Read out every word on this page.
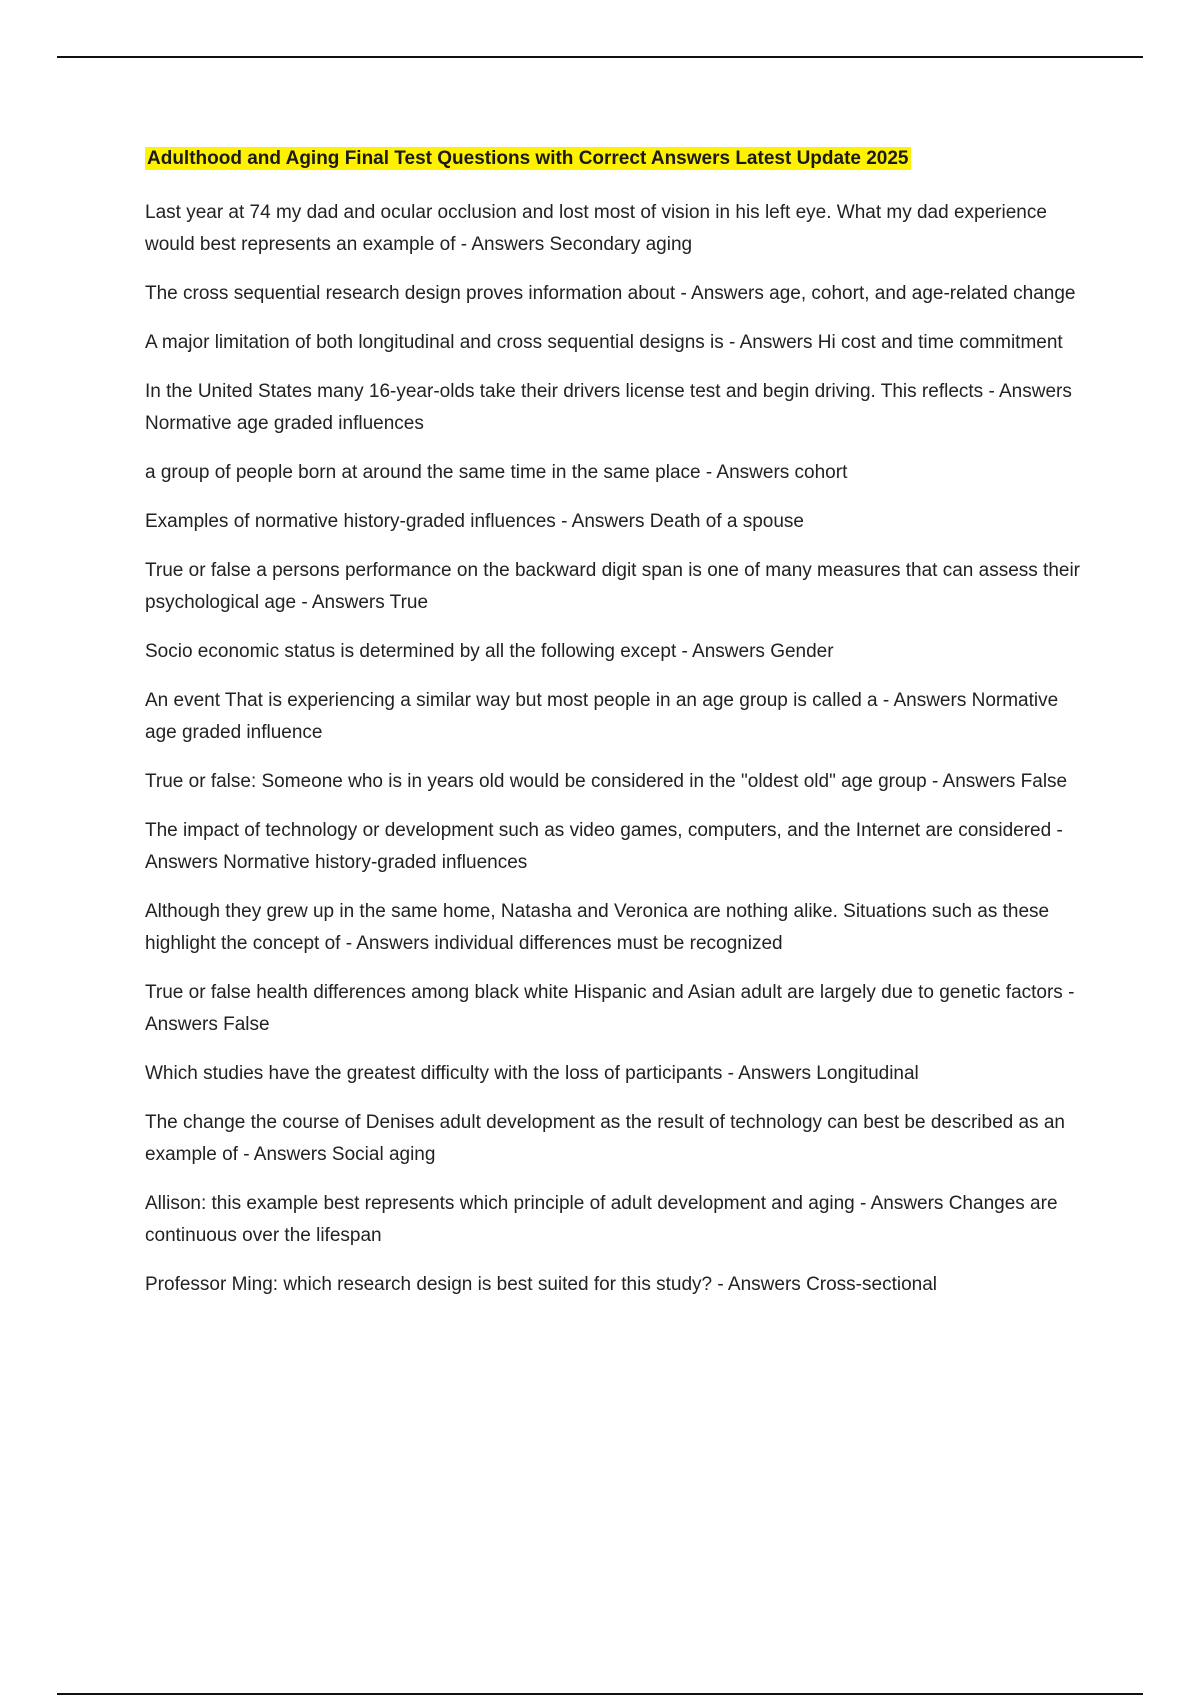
Adulthood and Aging Final Test Questions with Correct Answers Latest Update 2025

Last year at 74 my dad and ocular occlusion and lost most of vision in his left eye. What my dad experience would best represents an example of - Answers Secondary aging

The cross sequential research design proves information about - Answers age, cohort, and age-related change

A major limitation of both longitudinal and cross sequential designs is - Answers Hi cost and time commitment

In the United States many 16-year-olds take their drivers license test and begin driving. This reflects - Answers Normative age graded influences

a group of people born at around the same time in the same place - Answers cohort

Examples of normative history-graded influences - Answers Death of a spouse

True or false a persons performance on the backward digit span is one of many measures that can assess their psychological age - Answers True

Socio economic status is determined by all the following except - Answers Gender

An event That is experiencing a similar way but most people in an age group is called a - Answers Normative age graded influence

True or false: Someone who is in years old would be considered in the "oldest old" age group - Answers False

The impact of technology or development such as video games, computers, and the Internet are considered - Answers Normative history-graded influences

Although they grew up in the same home, Natasha and Veronica are nothing alike. Situations such as these highlight the concept of - Answers individual differences must be recognized

True or false health differences among black white Hispanic and Asian adult are largely due to genetic factors - Answers False

Which studies have the greatest difficulty with the loss of participants - Answers Longitudinal

The change the course of Denises adult development as the result of technology can best be described as an example of - Answers Social aging

Allison: this example best represents which principle of adult development and aging - Answers Changes are continuous over the lifespan

Professor Ming: which research design is best suited for this study? - Answers Cross-sectional
